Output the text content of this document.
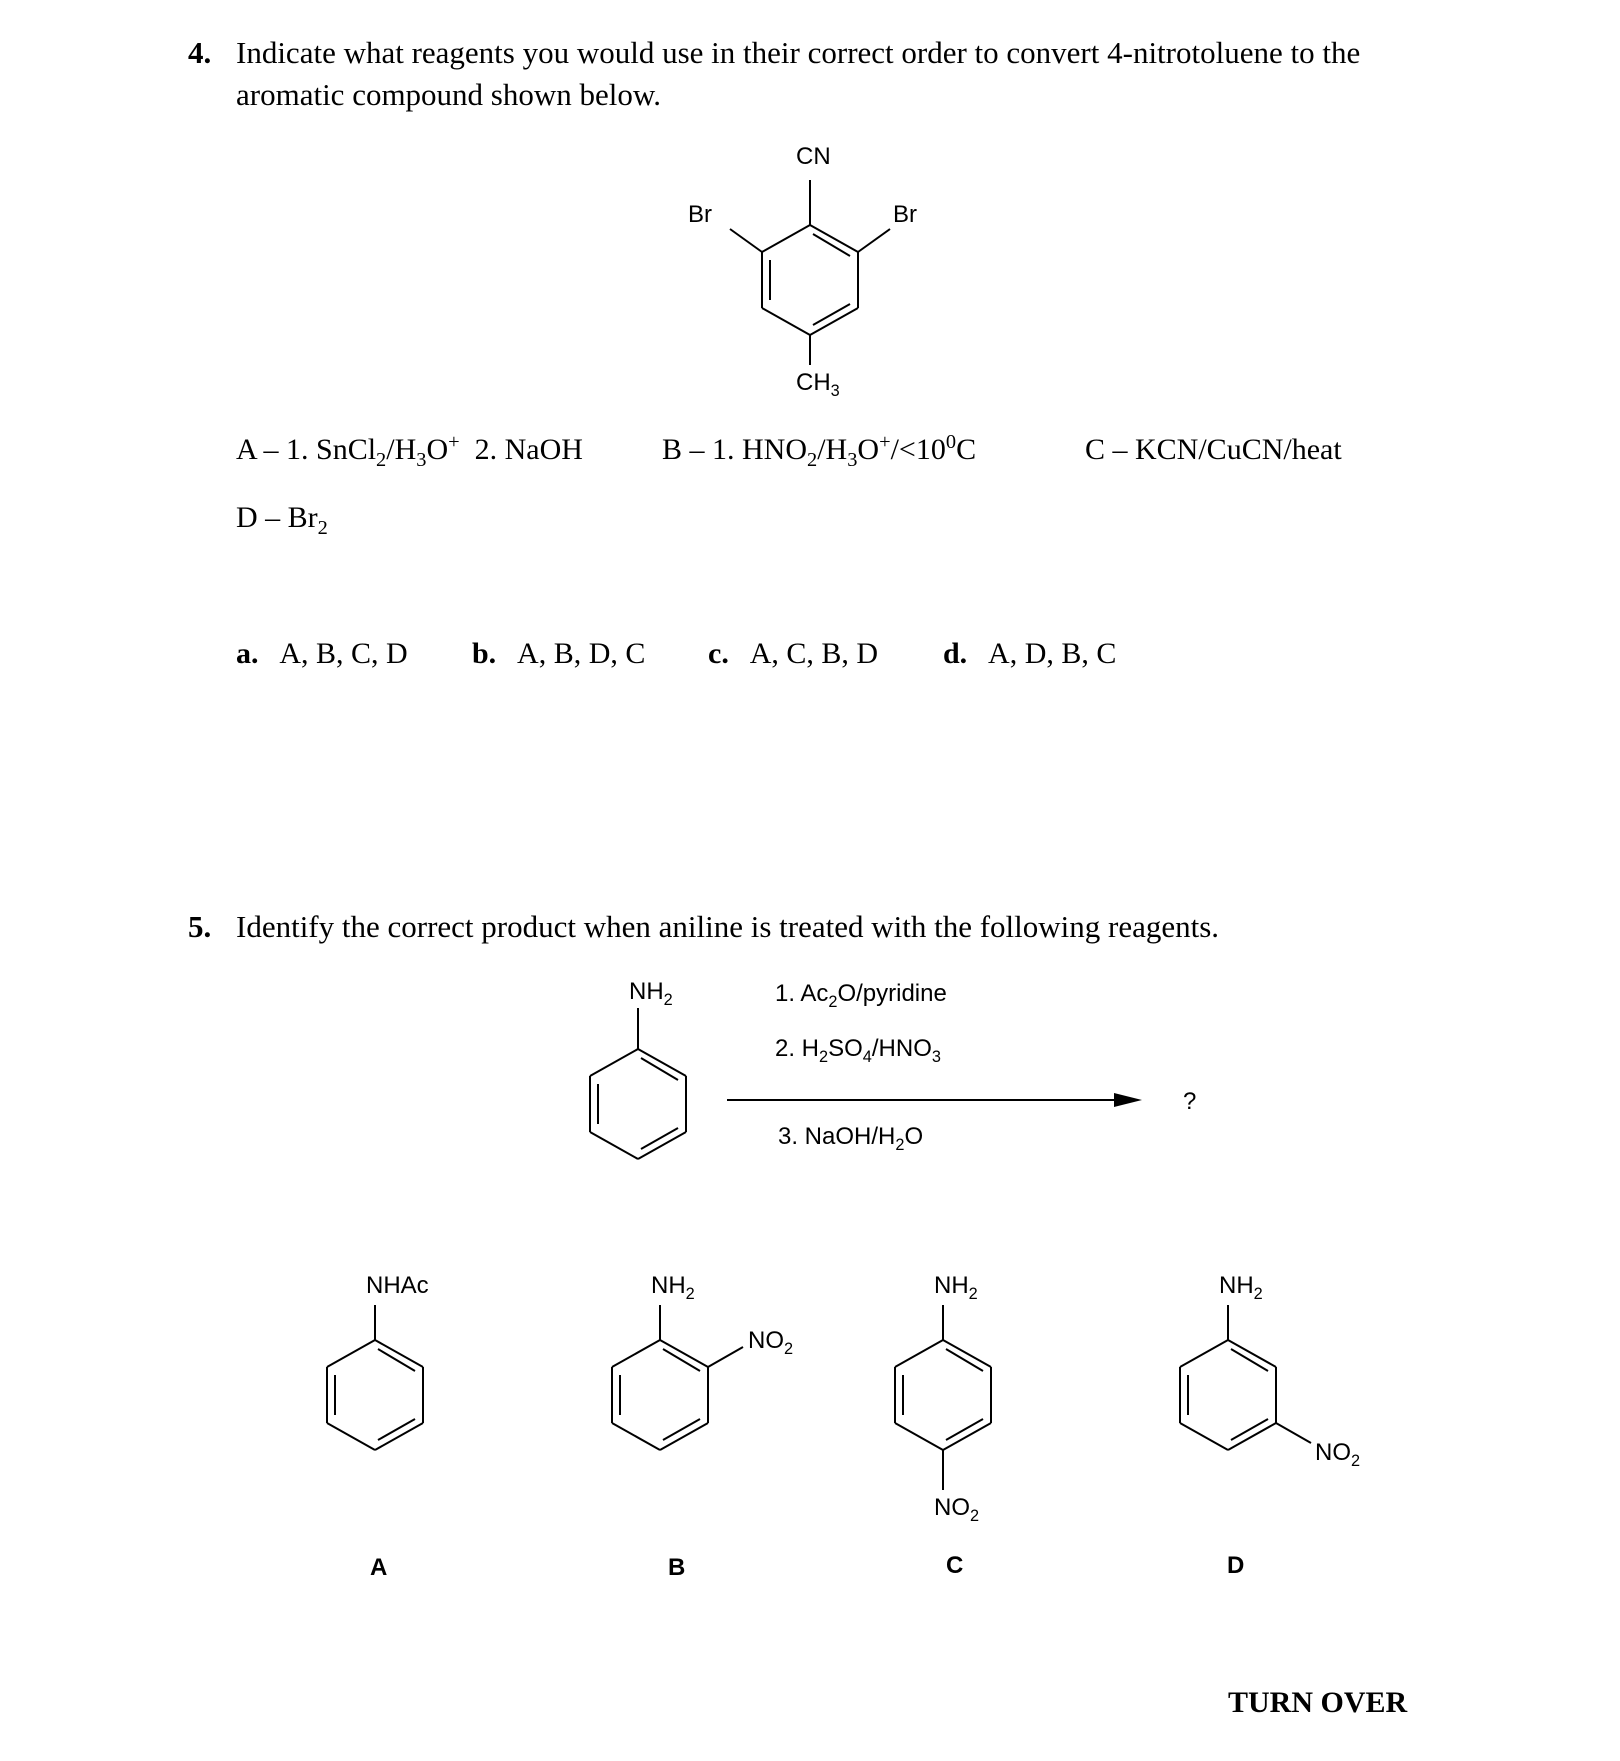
4. Indicate what reagents you would use in their correct order to convert 4-nitrotoluene to the
aromatic compound shown below.
CN
Br	Br
$CH_3$
A – 1. $SnCl_2/H_3O^+$  2. NaOH	B – 1. $HNO_2/H_3O^+/<10^0C$	C – KCN/CuCN/heat
D – $Br_2$
a. A, B, C, D b. A, B, D, C c. A, C, B, D d. A, D, B, C
5. Identify the correct product when aniline is treated with the following reagents.
$NH_2$	1. $Ac_2O$/pyridine
2. $H_2SO_4/HNO_3$
3. NaOH/$H_2O$
?
NHAc
A
$NH_2$
$NO_2$
B
$NH_2$
$NO_2$
C
$NH_2$
$NO_2$
D
TURN OVER
